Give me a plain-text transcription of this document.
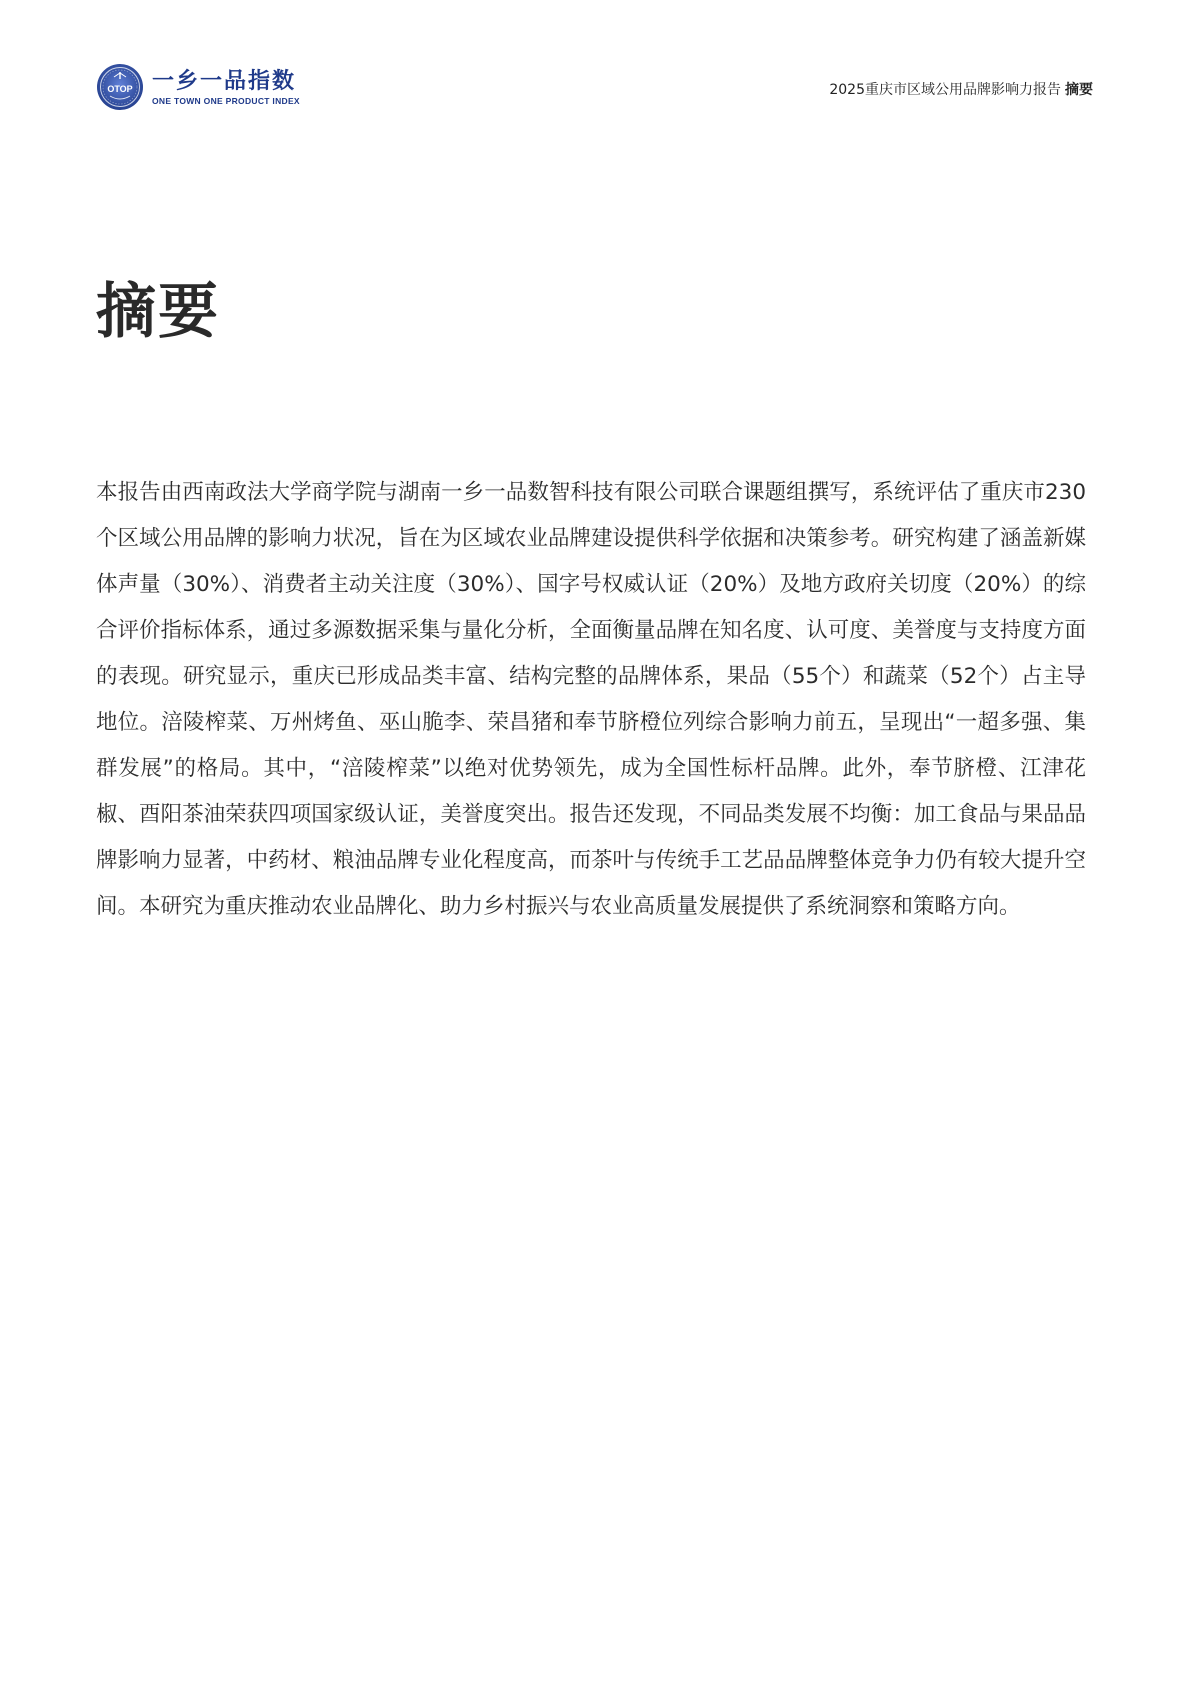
OTOP 一乡一品指数
ONE TOWN ONE PRODUCT INDEX
2025重庆市区域公用品牌影响力报告 摘要
摘要

本报告由西南政法大学商学院与湖南一乡一品数智科技有限公司联合课题组撰写，系统评估了重庆市230个区域公用品牌的影响力状况，旨在为区域农业品牌建设提供科学依据和决策参考。研究构建了涵盖新媒体声量（30%）、消费者主动关注度（30%）、国字号权威认证（20%）及地方政府关切度（20%）的综合评价指标体系，通过多源数据采集与量化分析，全面衡量品牌在知名度、认可度、美誉度与支持度方面的表现。研究显示，重庆已形成品类丰富、结构完整的品牌体系，果品（55个）和蔬菜（52个）占主导地位。涪陵榨菜、万州烤鱼、巫山脆李、荣昌猪和奉节脐橙位列综合影响力前五，呈现出“一超多强、集群发展”的格局。其中，“涪陵榨菜”以绝对优势领先，成为全国性标杆品牌。此外，奉节脐橙、江津花椒、酉阳茶油荣获四项国家级认证，美誉度突出。报告还发现，不同品类发展不均衡：加工食品与果品品牌影响力显著，中药材、粮油品牌专业化程度高，而茶叶与传统手工艺品品牌整体竞争力仍有较大提升空间。本研究为重庆推动农业品牌化、助力乡村振兴与农业高质量发展提供了系统洞察和策略方向。
